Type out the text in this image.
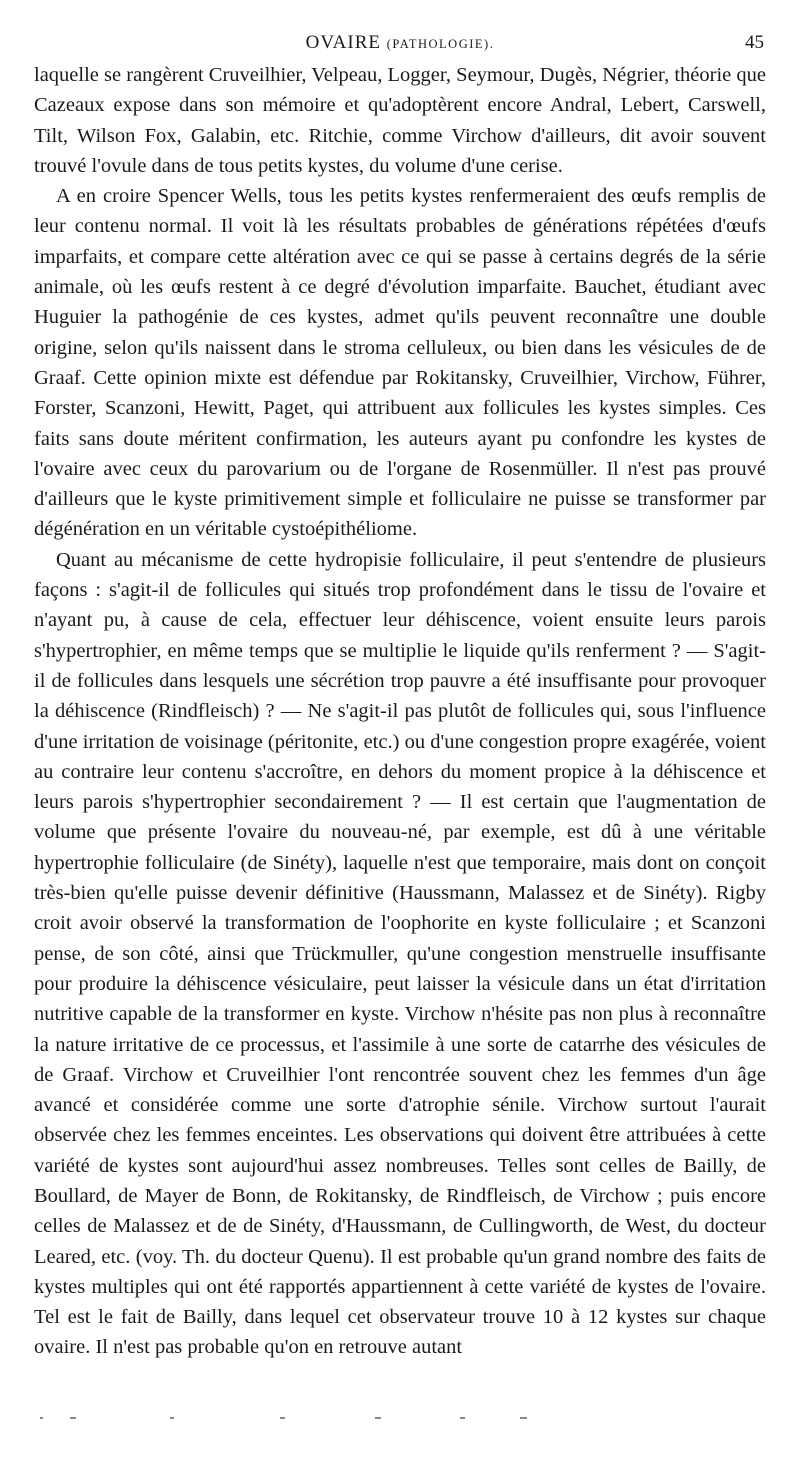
OVAIRE (PATHOLOGIE).	45

laquelle se rangèrent Cruveilhier, Velpeau, Logger, Seymour, Dugès, Négrier, théorie que Cazeaux expose dans son mémoire et qu'adoptèrent encore Andral, Lebert, Carswell, Tilt, Wilson Fox, Galabin, etc. Ritchie, comme Virchow d'ailleurs, dit avoir souvent trouvé l'ovule dans de tous petits kystes, du volume d'une cerise.

A en croire Spencer Wells, tous les petits kystes renfermeraient des œufs remplis de leur contenu normal. Il voit là les résultats probables de générations répétées d'œufs imparfaits, et compare cette altération avec ce qui se passe à certains degrés de la série animale, où les œufs restent à ce degré d'évolution imparfaite. Bauchet, étudiant avec Huguier la pathogénie de ces kystes, admet qu'ils peuvent reconnaître une double origine, selon qu'ils naissent dans le stroma celluleux, ou bien dans les vésicules de de Graaf. Cette opinion mixte est défendue par Rokitansky, Cruveilhier, Virchow, Führer, Forster, Scanzoni, Hewitt, Paget, qui attribuent aux follicules les kystes simples. Ces faits sans doute méritent confirmation, les auteurs ayant pu confondre les kystes de l'ovaire avec ceux du parovarium ou de l'organe de Rosenmüller. Il n'est pas prouvé d'ailleurs que le kyste primitivement simple et folliculaire ne puisse se transformer par dégénération en un véritable cystoépithéliome.

Quant au mécanisme de cette hydropisie folliculaire, il peut s'entendre de plusieurs façons : s'agit-il de follicules qui situés trop profondément dans le tissu de l'ovaire et n'ayant pu, à cause de cela, effectuer leur déhiscence, voient ensuite leurs parois s'hypertrophier, en même temps que se multiplie le liquide qu'ils renferment ? — S'agit-il de follicules dans lesquels une sécrétion trop pauvre a été insuffisante pour provoquer la déhiscence (Rindfleisch) ? — Ne s'agit-il pas plutôt de follicules qui, sous l'influence d'une irritation de voisinage (péritonite, etc.) ou d'une congestion propre exagérée, voient au contraire leur contenu s'accroître, en dehors du moment propice à la déhiscence et leurs parois s'hypertrophier secondairement ? — Il est certain que l'augmentation de volume que présente l'ovaire du nouveau-né, par exemple, est dû à une véritable hypertrophie folliculaire (de Sinéty), laquelle n'est que temporaire, mais dont on conçoit très-bien qu'elle puisse devenir définitive (Haussmann, Malassez et de Sinéty). Rigby croit avoir observé la transformation de l'oophorite en kyste folliculaire ; et Scanzoni pense, de son côté, ainsi que Trückmuller, qu'une congestion menstruelle insuffisante pour produire la déhiscence vésiculaire, peut laisser la vésicule dans un état d'irritation nutritive capable de la transformer en kyste. Virchow n'hésite pas non plus à reconnaître la nature irritative de ce processus, et l'assimile à une sorte de catarrhe des vésicules de de Graaf. Virchow et Cruveilhier l'ont rencontrée souvent chez les femmes d'un âge avancé et considérée comme une sorte d'atrophie sénile. Virchow surtout l'aurait observée chez les femmes enceintes. Les observations qui doivent être attribuées à cette variété de kystes sont aujourd'hui assez nombreuses. Telles sont celles de Bailly, de Boullard, de Mayer de Bonn, de Rokitansky, de Rindfleisch, de Virchow ; puis encore celles de Malassez et de de Sinéty, d'Haussmann, de Cullingworth, de West, du docteur Leared, etc. (voy. Th. du docteur Quenu). Il est probable qu'un grand nombre des faits de kystes multiples qui ont été rapportés appartiennent à cette variété de kystes de l'ovaire. Tel est le fait de Bailly, dans lequel cet observateur trouve 10 à 12 kystes sur chaque ovaire. Il n'est pas probable qu'on en retrouve autant
